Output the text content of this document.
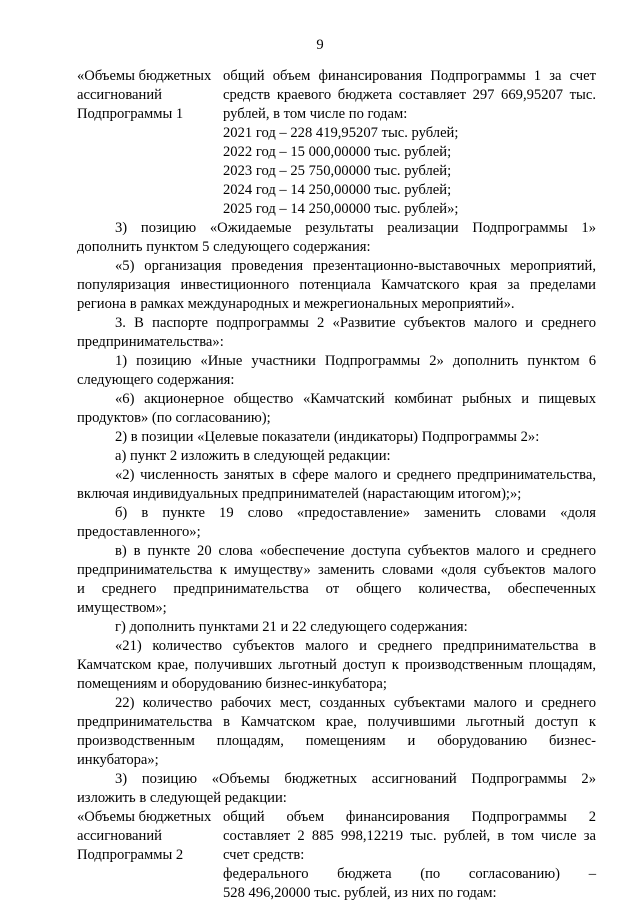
9
«Объемы бюджетных
ассигнований
Подпрограммы 1
общий объем финансирования Подпрограммы 1 за счет
средств краевого бюджета составляет 297 669,95207 тыс.
рублей, в том числе по годам:
2021 год – 228 419,95207 тыс. рублей;
2022 год – 15 000,00000 тыс. рублей;
2023 год – 25 750,00000 тыс. рублей;
2024 год – 14 250,00000 тыс. рублей;
2025 год – 14 250,00000 тыс. рублей»;
3) позицию «Ожидаемые результаты реализации Подпрограммы 1»
дополнить пунктом 5 следующего содержания:
«5) организация проведения презентационно-выставочных мероприятий,
популяризация инвестиционного потенциала Камчатского края за пределами
региона в рамках международных и межрегиональных мероприятий».
3. В паспорте подпрограммы 2 «Развитие субъектов малого и среднего
предпринимательства»:
1) позицию «Иные участники Подпрограммы 2» дополнить пунктом 6
следующего содержания:
«6) акционерное общество «Камчатский комбинат рыбных и пищевых
продуктов» (по согласованию);
2) в позиции «Целевые показатели (индикаторы) Подпрограммы 2»:
а) пункт 2 изложить в следующей редакции:
«2) численность занятых в сфере малого и среднего предпринимательства,
включая индивидуальных предпринимателей (нарастающим итогом);»;
б) в пункте 19 слово «предоставление» заменить словами «доля
предоставленного»;
в) в пункте 20 слова «обеспечение доступа субъектов малого и среднего
предпринимательства к имуществу» заменить словами «доля субъектов малого
и среднего предпринимательства от общего количества, обеспеченных
имуществом»;
г) дополнить пунктами 21 и 22 следующего содержания:
«21) количество субъектов малого и среднего предпринимательства в
Камчатском крае, получивших льготный доступ к производственным площадям,
помещениям и оборудованию бизнес-инкубатора;
22) количество рабочих мест, созданных субъектами малого и среднего
предпринимательства в Камчатском крае, получившими льготный доступ к
производственным площадям, помещениям и оборудованию бизнес-
инкубатора»;
3) позицию «Объемы бюджетных ассигнований Подпрограммы 2»
изложить в следующей редакции:
«Объемы бюджетных
ассигнований
Подпрограммы 2
общий объем финансирования Подпрограммы 2
составляет 2 885 998,12219 тыс. рублей, в том числе за
счет средств:
федерального бюджета (по согласованию) –
528 496,20000 тыс. рублей, из них по годам:
